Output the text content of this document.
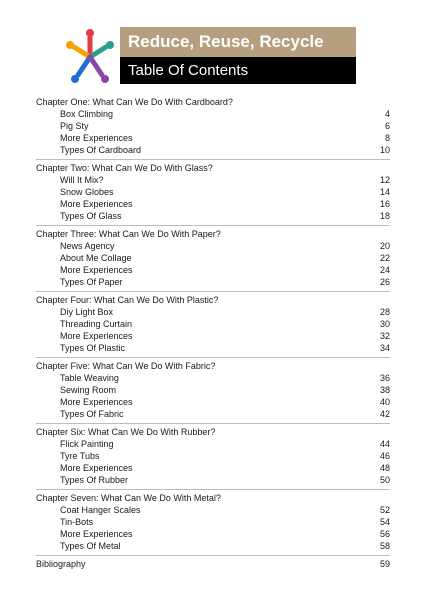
Reduce, Reuse, Recycle
Table Of Contents
Chapter One: What Can We Do With Cardboard?
Box Climbing	4
Pig Sty	6
More Experiences	8
Types Of Cardboard	10
Chapter Two: What Can We Do With Glass?
Will It Mix?	12
Snow Globes	14
More Experiences	16
Types Of Glass	18
Chapter Three: What Can We Do With Paper?
News Agency	20
About Me Collage	22
More Experiences	24
Types Of Paper	26
Chapter Four: What Can We Do With Plastic?
Diy Light Box	28
Threading Curtain	30
More Experiences	32
Types Of Plastic	34
Chapter Five: What Can We Do With Fabric?
Table Weaving	36
Sewing Room	38
More Experiences	40
Types Of Fabric	42
Chapter Six: What Can We Do With Rubber?
Flick Painting	44
Tyre Tubs	46
More Experiences	48
Types Of Rubber	50
Chapter Seven: What Can We Do With Metal?
Coat Hanger Scales	52
Tin-Bots	54
More Experiences	56
Types Of Metal	58
Bibliography	59
